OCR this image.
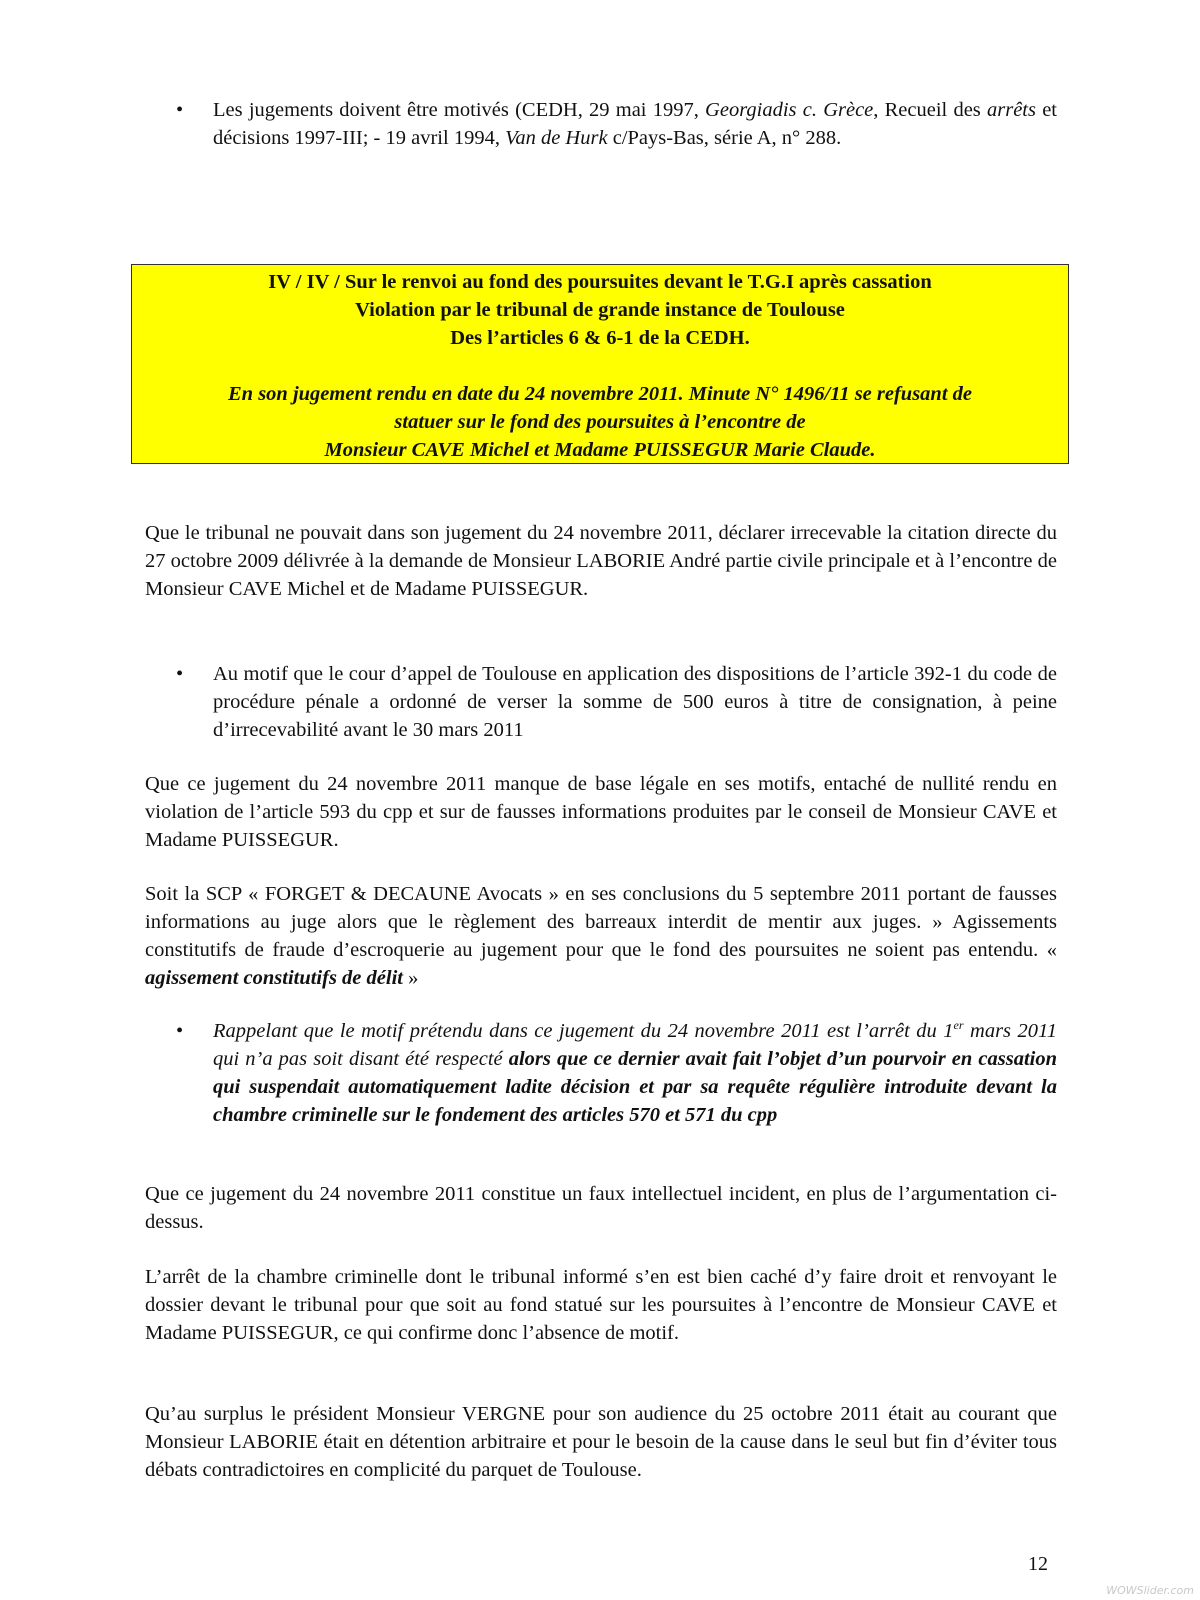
• Les jugements doivent être motivés (CEDH, 29 mai 1997, Georgiadis c. Grèce, Recueil des arrêts et décisions 1997-III; - 19 avril 1994, Van de Hurk c/Pays-Bas, série A, n° 288.

IV / IV / Sur le renvoi au fond des poursuites devant le T.G.I après cassation
Violation par le tribunal de grande instance de Toulouse
Des l’articles 6 & 6-1 de la CEDH.
En son jugement rendu en date du 24 novembre 2011. Minute N° 1496/11 se refusant de
statuer sur le fond des poursuites à l’encontre de
Monsieur CAVE Michel et Madame PUISSEGUR Marie Claude.

Que le tribunal ne pouvait dans son jugement du 24 novembre 2011, déclarer irrecevable la citation directe du 27 octobre 2009 délivrée à la demande de Monsieur LABORIE André partie civile principale et à l’encontre de Monsieur CAVE Michel et de Madame PUISSEGUR.

• Au motif que le cour d’appel de Toulouse en application des dispositions de l’article 392-1 du code de procédure pénale a ordonné de verser la somme de 500 euros à titre de consignation, à peine d’irrecevabilité avant le 30 mars 2011

Que ce jugement du 24 novembre 2011 manque de base légale en ses motifs, entaché de nullité rendu en violation de l’article 593 du cpp et sur de fausses informations produites par le conseil de Monsieur CAVE et Madame PUISSEGUR.

Soit la SCP « FORGET & DECAUNE Avocats » en ses conclusions du 5 septembre 2011 portant de fausses informations au juge alors que le règlement des barreaux interdit de mentir aux juges. » Agissements constitutifs de fraude d’escroquerie au jugement pour que le fond des poursuites ne soient pas entendu. « agissement constitutifs de délit »

• Rappelant que le motif prétendu dans ce jugement du 24 novembre 2011 est l’arrêt du 1er mars 2011 qui n’a pas soit disant été respecté alors que ce dernier avait fait l’objet d’un pourvoir en cassation qui suspendait automatiquement ladite décision et par sa requête régulière introduite devant la chambre criminelle sur le fondement des articles 570 et 571 du cpp

Que ce jugement du 24 novembre 2011 constitue un faux intellectuel incident, en plus de l’argumentation ci-dessus.

L’arrêt de la chambre criminelle dont le tribunal informé s’en est bien caché d’y faire droit et renvoyant le dossier devant le tribunal pour que soit au fond statué sur les poursuites à l’encontre de Monsieur CAVE et Madame PUISSEGUR, ce qui confirme donc l’absence de motif.

Qu’au surplus le président Monsieur VERGNE pour son audience du 25 octobre 2011 était au courant que Monsieur LABORIE était en détention arbitraire et pour le besoin de la cause dans le seul but fin d’éviter tous débats contradictoires en complicité du parquet de Toulouse.

12
WOWSlider.com
